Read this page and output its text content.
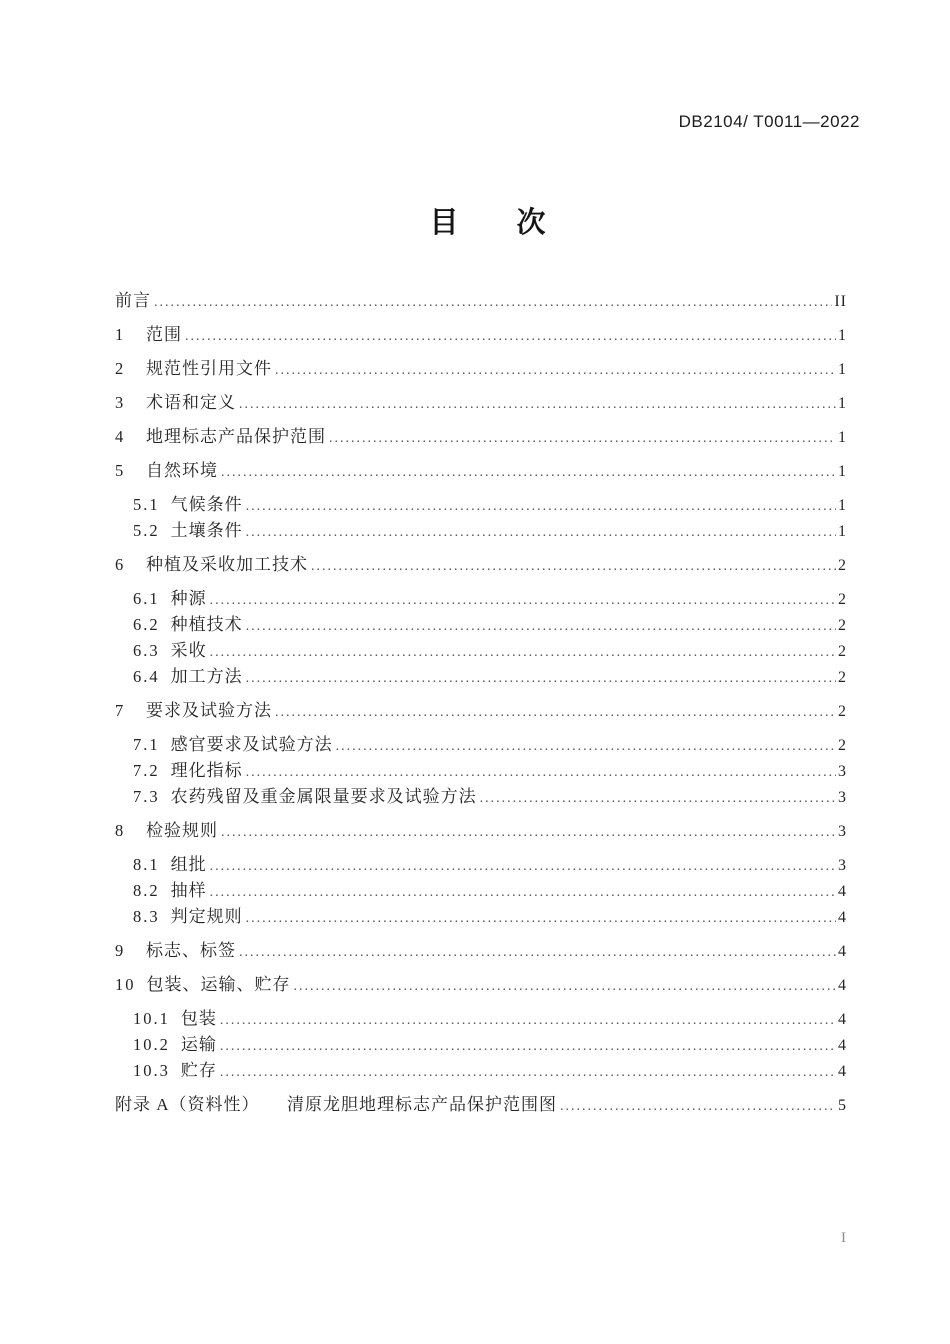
DB2104/ T0011—2022
目　　次
前言 .....	II
1	范围 .....	1
2	规范性引用文件 .....	1
3	术语和定义 .....	1
4	地理标志产品保护范围 .....	1
5	自然环境 .....	1
5.1 气候条件 .....	1
5.2 土壤条件 .....	1
6	种植及采收加工技术 .....	2
6.1 种源 .....	2
6.2 种植技术 .....	2
6.3 采收 .....	2
6.4 加工方法 .....	2
7	要求及试验方法 .....	2
7.1 感官要求及试验方法 .....	2
7.2 理化指标 .....	3
7.3 农药残留及重金属限量要求及试验方法 .....	3
8	检验规则 .....	3
8.1 组批 .....	3
8.2 抽样 .....	4
8.3 判定规则 .....	4
9	标志、标签 .....	4
10 包装、运输、贮存 .....	4
10.1 包装 .....	4
10.2 运输 .....	4
10.3 贮存 .....	4
附录 A（资料性）　　清原龙胆地理标志产品保护范围图 .....	5
I
